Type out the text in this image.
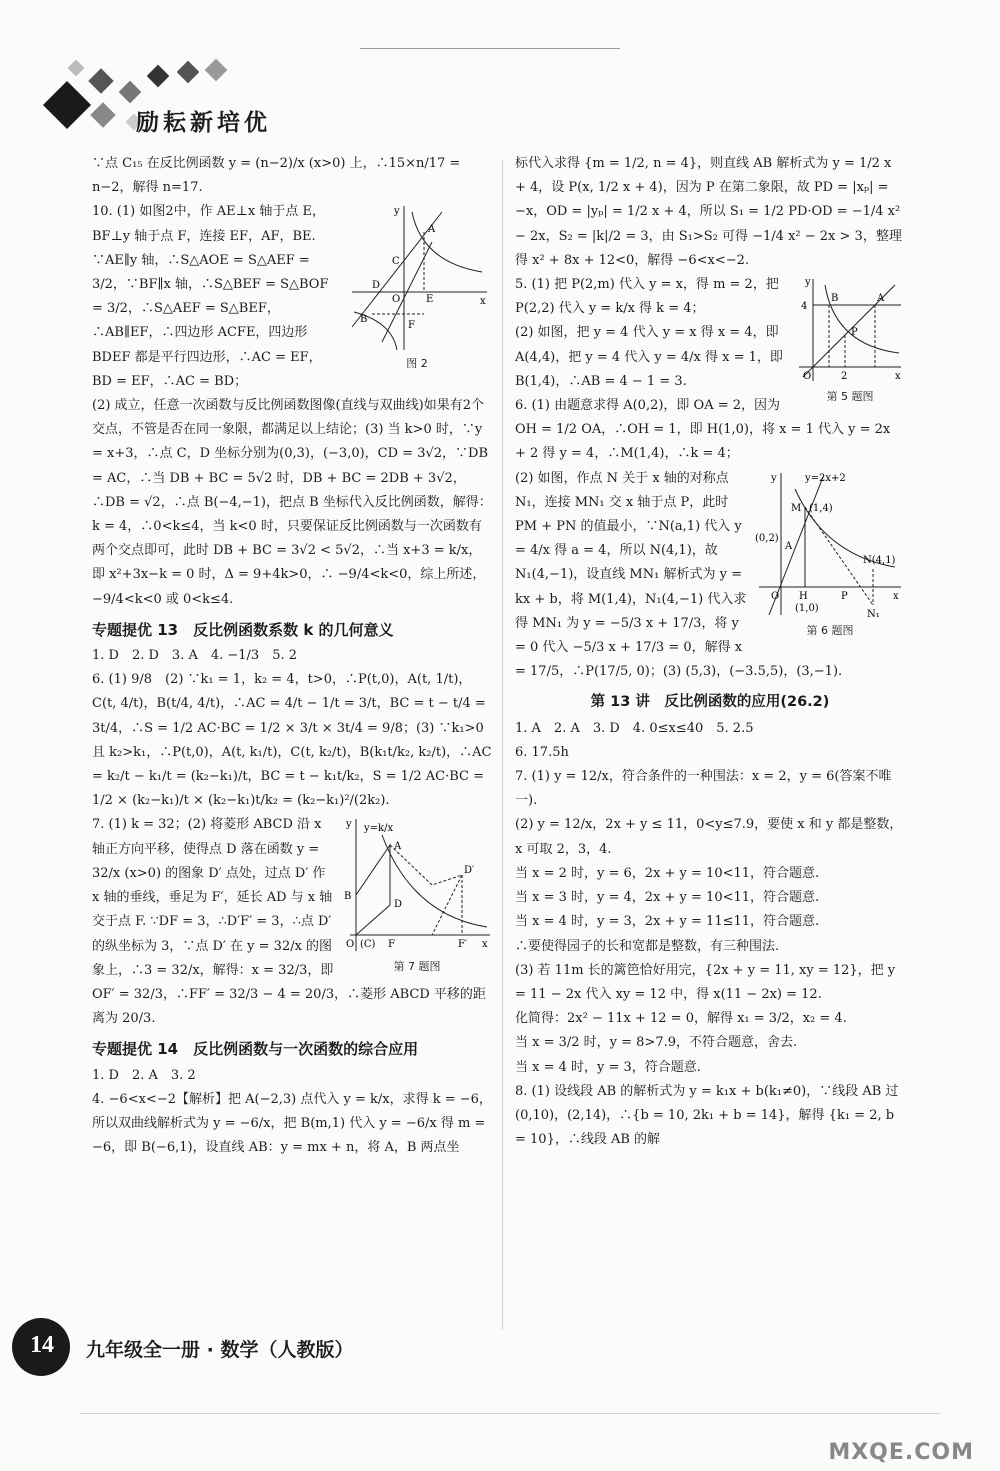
励耘新培优

∵点 C₁₅ 在反比例函数 y = (n−2)/x (x>0) 上，∴15×n/17 = n−2，解得 n=17.

y
x
A
C
D
O	E
B
F
图 2

10. (1) 如图2中，作 AE⊥x 轴于点 E，BF⊥y 轴于点 F，连接 EF，AF，BE. ∵AE∥y 轴，∴S△AOE = S△AEF = 3/2，∵BF∥x 轴，∴S△BEF = S△BOF = 3/2，∴S△AEF = S△BEF，∴AB∥EF，∴四边形 ACFE，四边形 BDEF 都是平行四边形，∴AC = EF，BD = EF，∴AC = BD；

(2) 成立，任意一次函数与反比例函数图像(直线与双曲线)如果有2个交点，不管是否在同一象限，都满足以上结论；(3) 当 k>0 时，∵y = x+3，∴点 C，D 坐标分别为(0,3)，(−3,0)，CD = 3√2，∵DB = AC，∴当 DB + BC = 5√2 时，DB + BC = 2DB + 3√2，∴DB = √2，∴点 B(−4,−1)，把点 B 坐标代入反比例函数，解得：k = 4，∴0<k≤4，当 k<0 时，只要保证反比例函数与一次函数有两个交点即可，此时 DB + BC = 3√2 < 5√2，∴当 x+3 = k/x，即 x²+3x−k = 0 时，Δ = 9+4k>0，∴ −9/4<k<0，综上所述，−9/4<k<0 或 0<k≤4.

专题提优 13　反比例函数系数 k 的几何意义

1. D　2. D　3. A　4. −1/3　5. 2

6. (1) 9/8　(2) ∵k₁ = 1，k₂ = 4，t>0，∴P(t,0)，A(t, 1/t)，C(t, 4/t)，B(t/4, 4/t)，∴AC = 4/t − 1/t = 3/t，BC = t − t/4 = 3t/4，∴S = 1/2 AC·BC = 1/2 × 3/t × 3t/4 = 9/8；(3) ∵k₁>0 且 k₂>k₁，∴P(t,0)，A(t, k₁/t)，C(t, k₂/t)，B(k₁t/k₂, k₂/t)，∴AC = k₂/t − k₁/t = (k₂−k₁)/t，BC = t − k₁t/k₂，S = 1/2 AC·BC = 1/2 × (k₂−k₁)/t × (k₂−k₁)t/k₂ = (k₂−k₁)²/(2k₂).

y y=k/x
A
B
D
D′
O (C) F	F′ x
第 7 题图

7. (1) k = 32；(2) 将菱形 ABCD 沿 x 轴正方向平移，使得点 D 落在函数 y = 32/x (x>0) 的图象 D′ 点处，过点 D′ 作 x 轴的垂线，垂足为 F′，延长 AD 与 x 轴交于点 F. ∵DF = 3，∴D′F′ = 3，∴点 D′ 的纵坐标为 3，∵点 D′ 在 y = 32/x 的图象上，∴3 = 32/x，解得：x = 32/3，即 OF′ = 32/3，∴FF′ = 32/3 − 4 = 20/3，∴菱形 ABCD 平移的距离为 20/3.

专题提优 14　反比例函数与一次函数的综合应用

1. D　2. A　3. 2

4. −6<x<−2【解析】把 A(−2,3) 点代入 y = k/x，求得 k = −6，所以双曲线解析式为 y = −6/x，把 B(m,1) 代入 y = −6/x 得 m = −6，即 B(−6,1)，设直线 AB：y = mx + n，将 A，B 两点坐

标代入求得 {m = 1/2, n = 4}，则直线 AB 解析式为 y = 1/2 x + 4，设 P(x, 1/2 x + 4)，因为 P 在第二象限，故 PD = |xₚ| = −x，OD = |yₚ| = 1/2 x + 4，所以 S₁ = 1/2 PD·OD = −1/4 x² − 2x，S₂ = |k|/2 = 3，由 S₁>S₂ 可得 −1/4 x² − 2x > 3，整理得 x² + 8x + 12<0，解得 −6<x<−2.

y
x
4
B	A
P
O	2
第 5 题图

5. (1) 把 P(2,m) 代入 y = x，得 m = 2，把 P(2,2) 代入 y = k/x 得 k = 4；

(2) 如图，把 y = 4 代入 y = x 得 x = 4，即 A(4,4)，把 y = 4 代入 y = 4/x 得 x = 1，即 B(1,4)，∴AB = 4 − 1 = 3.

6. (1) 由题意求得 A(0,2)，即 OA = 2，因为 OH = 1/2 OA，∴OH = 1，即 H(1,0)，将 x = 1 代入 y = 2x + 2 得 y = 4，∴M(1,4)，∴k = 4；

y	y=2x+2
M (1,4)
(0,2)
A
N(4,1)
O H
(1,0)
P
N₁
x
第 6 题图

(2) 如图，作点 N 关于 x 轴的对称点 N₁，连接 MN₁ 交 x 轴于点 P，此时 PM + PN 的值最小，∵N(a,1) 代入 y = 4/x 得 a = 4，所以 N(4,1)，故 N₁(4,−1)，设直线 MN₁ 解析式为 y = kx + b，将 M(1,4)，N₁(4,−1) 代入求得 MN₁ 为 y = −5/3 x + 17/3，将 y = 0 代入 −5/3 x + 17/3 = 0，解得 x = 17/5，∴P(17/5, 0)；(3) (5,3)，(−3.5,5)，(3,−1).

第 13 讲　反比例函数的应用(26.2)

1. A　2. A　3. D　4. 0≤x≤40　5. 2.5

6. 17.5h

7. (1) y = 12/x，符合条件的一种围法：x = 2，y = 6(答案不唯一).

(2) y = 12/x，2x + y ≤ 11，0<y≤7.9，要使 x 和 y 都是整数，x 可取 2，3，4.

当 x = 2 时，y = 6，2x + y = 10<11，符合题意.

当 x = 3 时，y = 4，2x + y = 10<11，符合题意.

当 x = 4 时，y = 3，2x + y = 11≤11，符合题意.

∴要使得园子的长和宽都是整数，有三种围法.

(3) 若 11m 长的篱笆恰好用完，{2x + y = 11, xy = 12}，把 y = 11 − 2x 代入 xy = 12 中，得 x(11 − 2x) = 12.

化简得：2x² − 11x + 12 = 0，解得 x₁ = 3/2，x₂ = 4.

当 x = 3/2 时，y = 8>7.9，不符合题意，舍去.

当 x = 4 时，y = 3，符合题意.

8. (1) 设线段 AB 的解析式为 y = k₁x + b(k₁≠0)，∵线段 AB 过 (0,10)，(2,14)，∴{b = 10, 2k₁ + b = 14}，解得 {k₁ = 2, b = 10}，∴线段 AB 的解

14	九年级全一册 · 数学（人教版）
MXQE.COM
